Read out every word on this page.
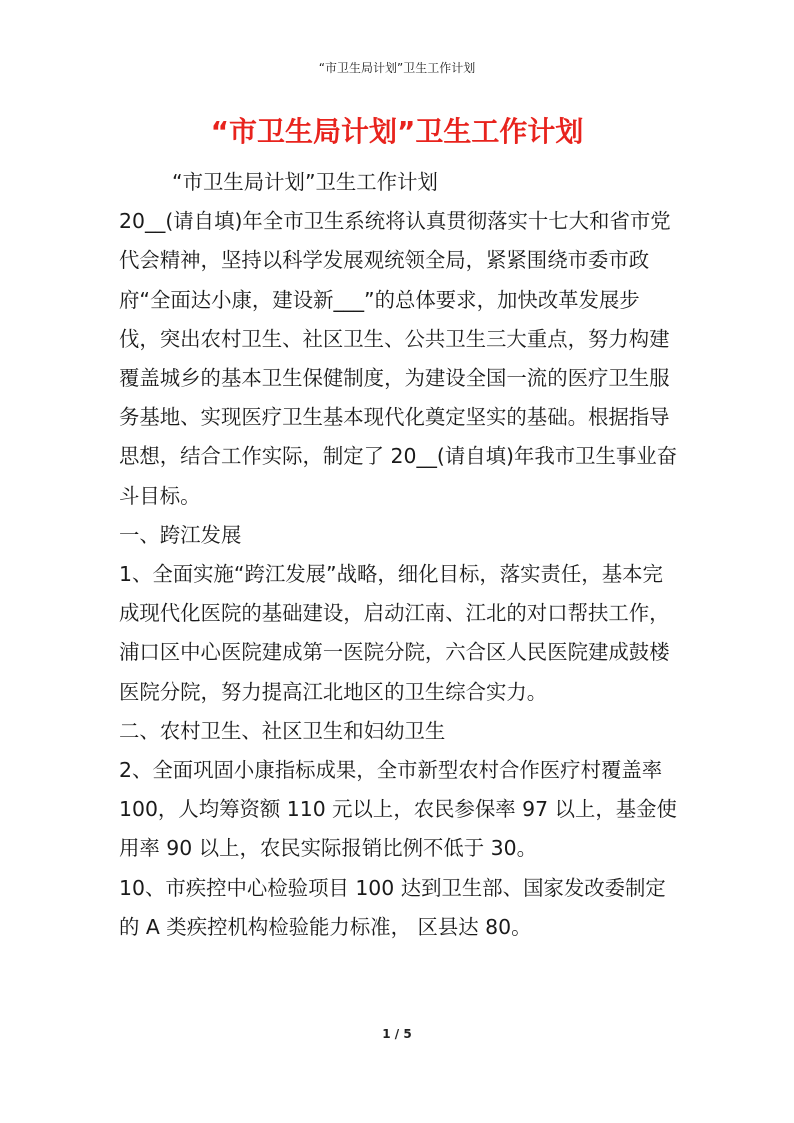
“市卫生局计划”卫生工作计划
“市卫生局计划”卫生工作计划

“市卫生局计划”卫生工作计划

20__(请自填)年全市卫生系统将认真贯彻落实十七大和省市党代会精神，坚持以科学发展观统领全局，紧紧围绕市委市政府“全面达小康，建设新___”的总体要求，加快改革发展步伐，突出农村卫生、社区卫生、公共卫生三大重点，努力构建覆盖城乡的基本卫生保健制度，为建设全国一流的医疗卫生服务基地、实现医疗卫生基本现代化奠定坚实的基础。根据指导思想，结合工作实际，制定了 20__(请自填)年我市卫生事业奋斗目标。

一、跨江发展

1、全面实施“跨江发展”战略，细化目标，落实责任，基本完成现代化医院的基础建设，启动江南、江北的对口帮扶工作，浦口区中心医院建成第一医院分院，六合区人民医院建成鼓楼医院分院，努力提高江北地区的卫生综合实力。

二、农村卫生、社区卫生和妇幼卫生

2、全面巩固小康指标成果，全市新型农村合作医疗村覆盖率 100，人均筹资额 110 元以上，农民参保率 97 以上，基金使用率 90 以上，农民实际报销比例不低于 30。

10、市疾控中心检验项目 100 达到卫生部、国家发改委制定的 A 类疾控机构检验能力标准， 区县达 80。

1 / 5
